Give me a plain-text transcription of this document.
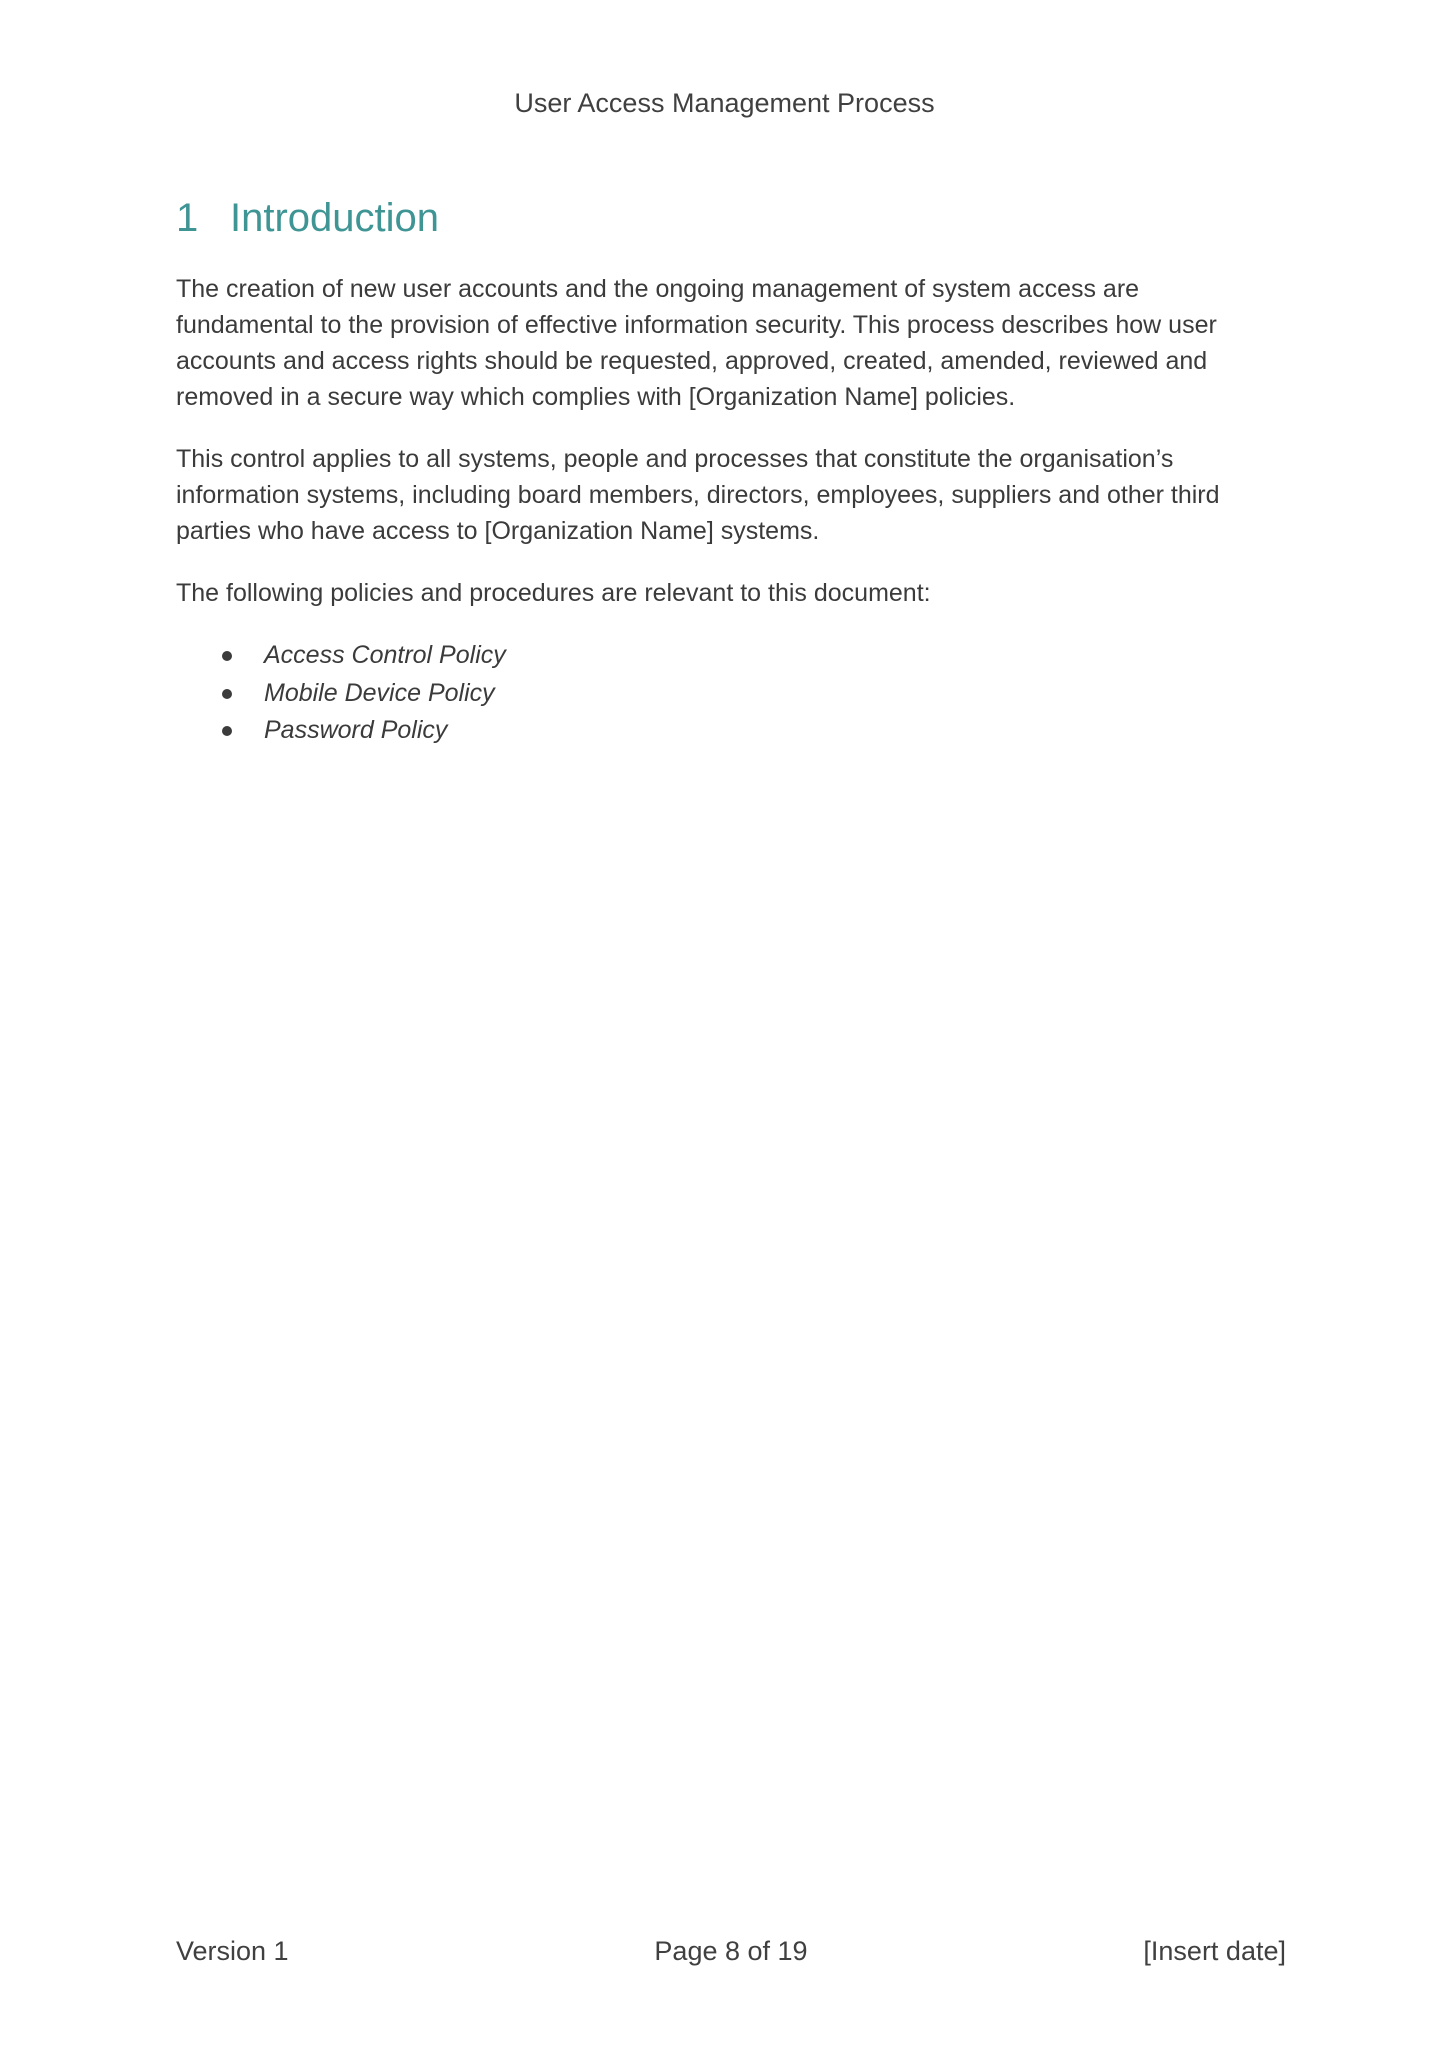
User Access Management Process
1 Introduction

The creation of new user accounts and the ongoing management of system access are fundamental to the provision of effective information security. This process describes how user accounts and access rights should be requested, approved, created, amended, reviewed and removed in a secure way which complies with [Organization Name] policies.

This control applies to all systems, people and processes that constitute the organisation’s information systems, including board members, directors, employees, suppliers and other third parties who have access to [Organization Name] systems.

The following policies and procedures are relevant to this document:

Access Control Policy
Mobile Device Policy
Password Policy
Version 1	Page 8 of 19	[Insert date]
